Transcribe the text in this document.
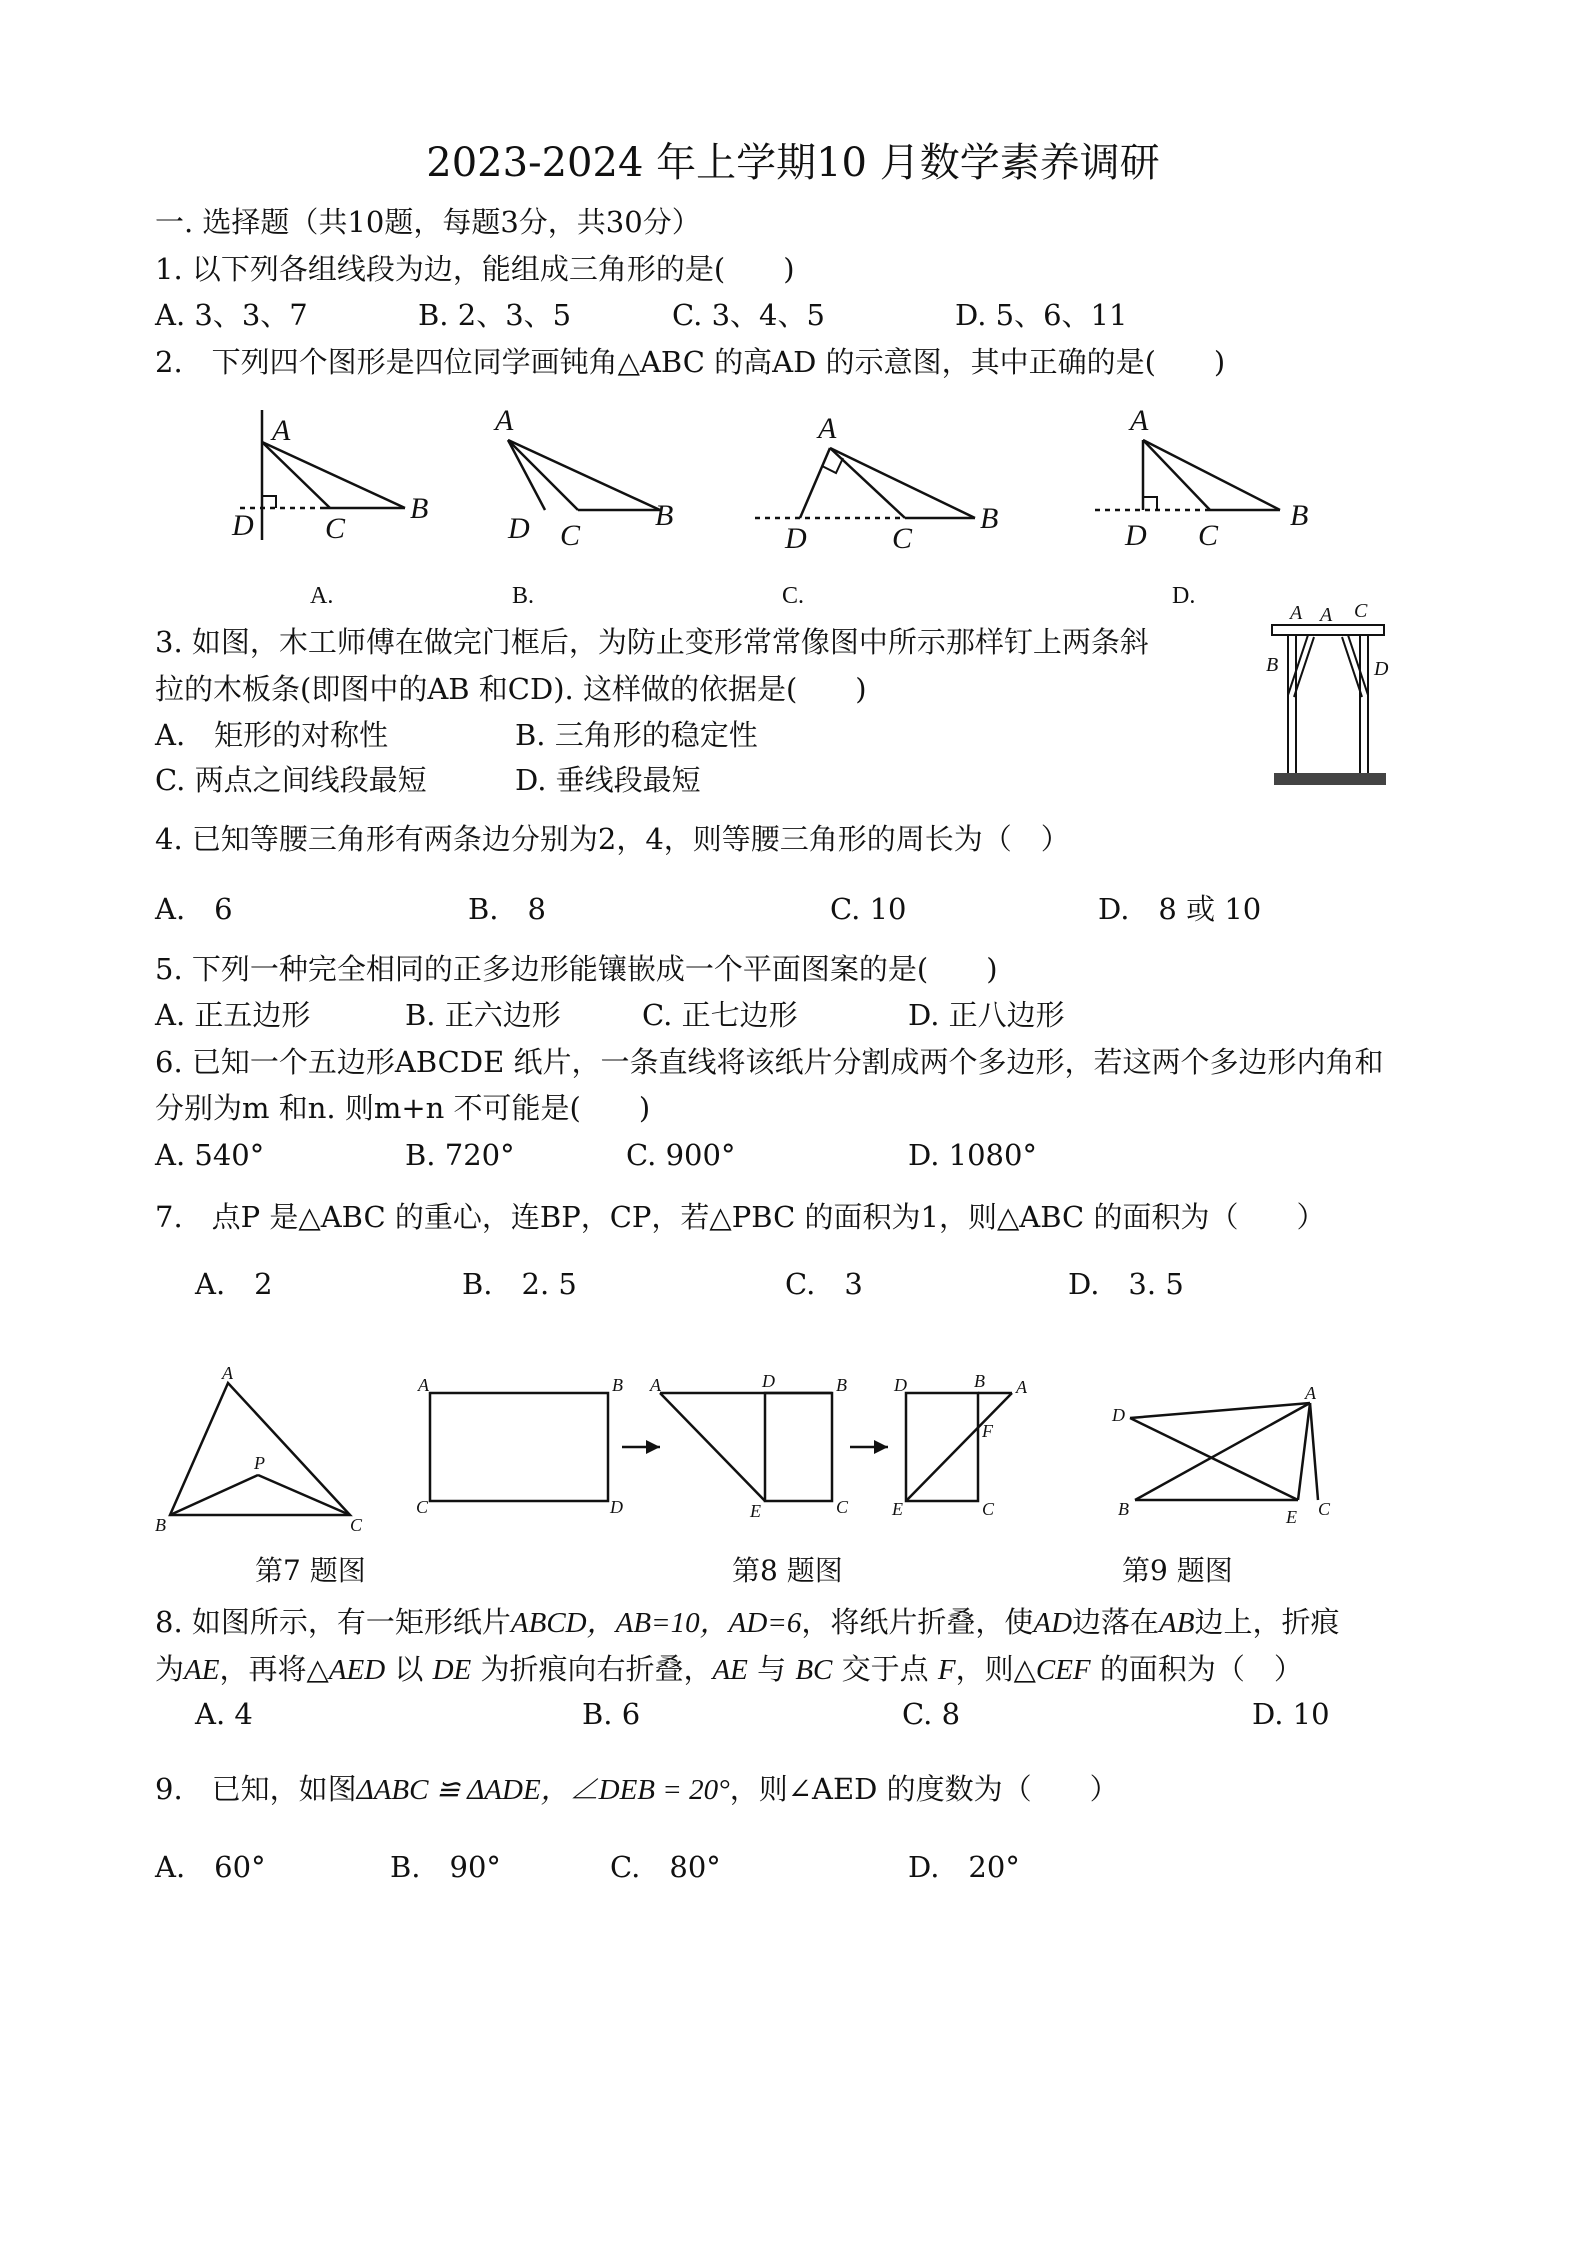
2023-2024 年上学期10 月数学素养调研
一. 选择题（共10题，每题3分，共30分）
1. 以下列各组线段为边，能组成三角形的是(　　)
A. 3、3、7	B. 2、3、5	C. 3、4、5	D. 5、6、11
2.　下列四个图形是四位同学画钝角△ABC 的高AD 的示意图，其中正确的是(　　)
A
D C
B
A
D C
B
A
D	C
B
A
D C
B
A.	B.	C.	D.
3. 如图，木工师傅在做完门框后，为防止变形常常像图中所示那样钉上两条斜
拉的木板条(即图中的AB 和CD). 这样做的依据是(　　)
A.　矩形的对称性	B. 三角形的稳定性
C. 两点之间线段最短	D. 垂线段最短
A A C
B	D
4. 已知等腰三角形有两条边分别为2，4，则等腰三角形的周长为（　）
A.　6	B.　8	C. 10	D.　8 或 10
5. 下列一种完全相同的正多边形能镶嵌成一个平面图案的是(　　)
A. 正五边形	B. 正六边形	C. 正七边形	D. 正八边形
6. 已知一个五边形ABCDE 纸片，一条直线将该纸片分割成两个多边形，若这两个多边形内角和
分别为m 和n. 则m+n 不可能是(　　)
A. 540°	B. 720°	C. 900°	D. 1080°
7.　点P 是△ABC 的重心，连BP，CP，若△PBC 的面积为1，则△ABC 的面积为（　　）
A.　2	B.　2. 5	C.　3	D.　3. 5
A
B	C
P
A	B
C	D
A	D	B
E	C
D	B A
F
E	C
D
A
B	E C
第7 题图	第8 题图	第9 题图
8. 如图所示，有一矩形纸片ABCD，AB=10，AD=6，将纸片折叠，使AD边落在AB边上，折痕
为AE，再将△AED 以 DE 为折痕向右折叠，AE 与 BC 交于点 F，则△CEF 的面积为（　）
A. 4	B. 6	C. 8	D. 10
9.　已知，如图ΔABC ≌ ΔADE，∠DEB = 20°，则∠AED 的度数为（　　）
A.　60°	B.　90°	C.　80°	D.　20°
